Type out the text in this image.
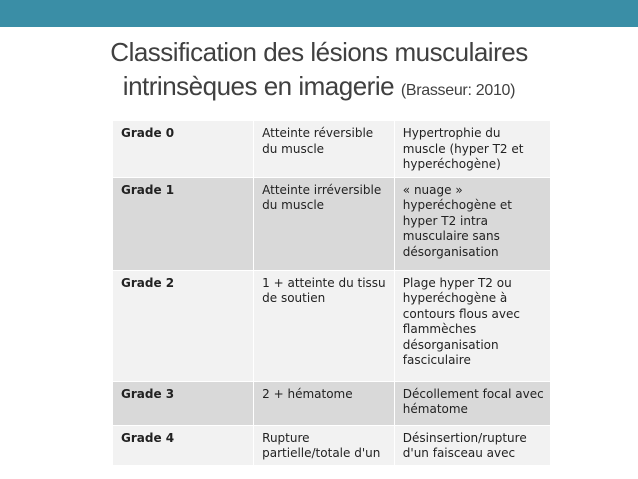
Classification des lésions musculaires
intrinsèques en imagerie (Brasseur: 2010)
Grade 0	Atteinte réversible du muscle	Hypertrophie du muscle (hyper T2 et hyperéchogène)
Grade 1	Atteinte irréversible du muscle	« nuage » hyperéchogène et hyper T2 intra musculaire sans désorganisation
Grade 2	1 + atteinte du tissu de soutien	Plage hyper T2 ou hyperéchogène à contours flous avec flammèches désorganisation fasciculaire
Grade 3	2 + hématome	Décollement focal avec hématome
Grade 4	Rupture partielle/totale d'un	Désinsertion/rupture d'un faisceau avec
